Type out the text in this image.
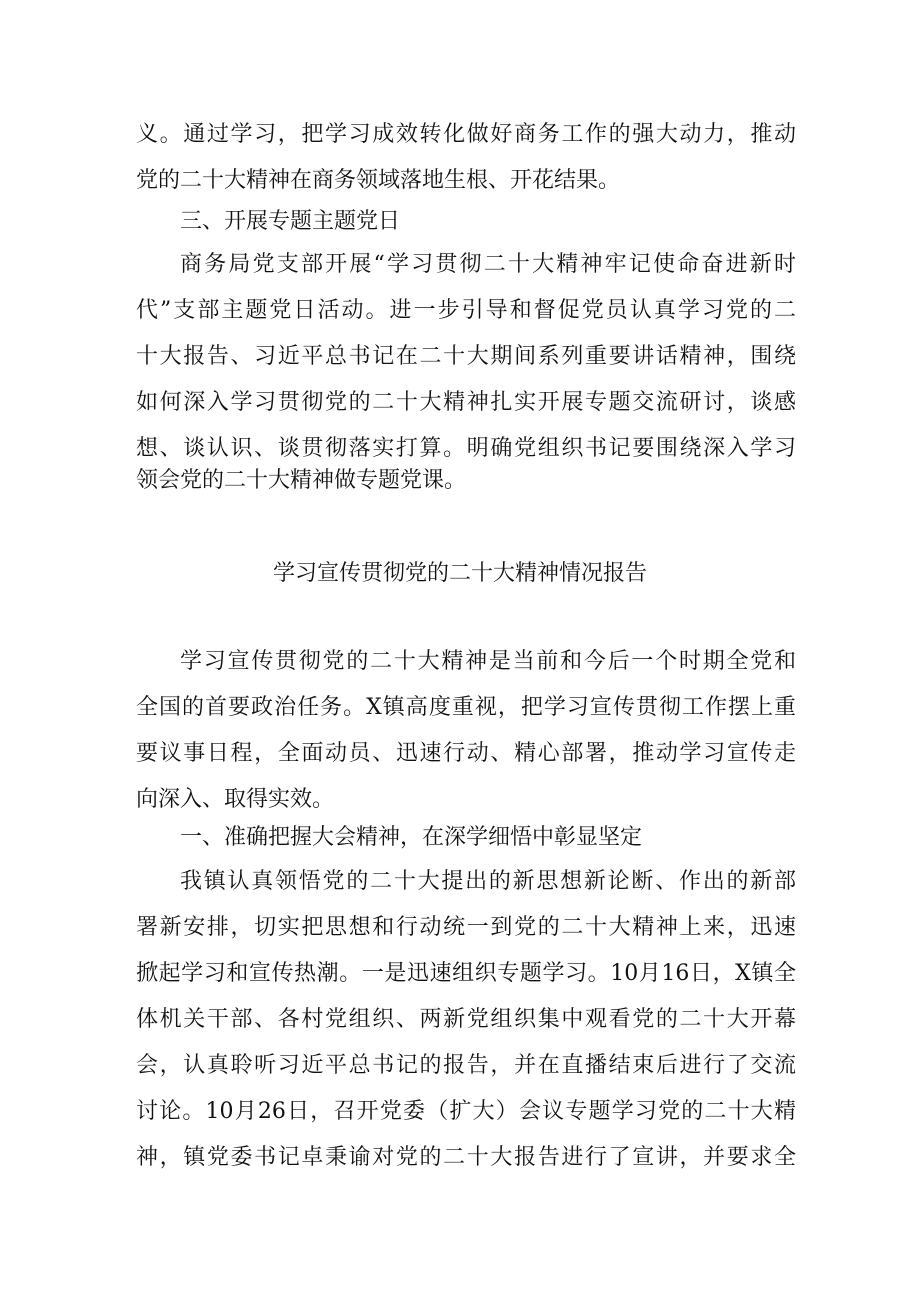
义。通过学习，把学习成效转化做好商务工作的强大动力，推动
党的二十大精神在商务领域落地生根、开花结果。
三、开展专题主题党日
商务局党支部开展“学习贯彻二十大精神牢记使命奋进新时
代”支部主题党日活动。进一步引导和督促党员认真学习党的二
十大报告、习近平总书记在二十大期间系列重要讲话精神，围绕
如何深入学习贯彻党的二十大精神扎实开展专题交流研讨，谈感
想、谈认识、谈贯彻落实打算。明确党组织书记要围绕深入学习
领会党的二十大精神做专题党课。
学习宣传贯彻党的二十大精神情况报告
学习宣传贯彻党的二十大精神是当前和今后一个时期全党和
全国的首要政治任务。X镇高度重视，把学习宣传贯彻工作摆上重
要议事日程，全面动员、迅速行动、精心部署，推动学习宣传走
向深入、取得实效。
一、准确把握大会精神，在深学细悟中彰显坚定
我镇认真领悟党的二十大提出的新思想新论断、作出的新部
署新安排，切实把思想和行动统一到党的二十大精神上来，迅速
掀起学习和宣传热潮。一是迅速组织专题学习。10月16日，X镇全
体机关干部、各村党组织、两新党组织集中观看党的二十大开幕
会，认真聆听习近平总书记的报告，并在直播结束后进行了交流
讨论。10月26日，召开党委（扩大）会议专题学习党的二十大精
神，镇党委书记卓秉谕对党的二十大报告进行了宣讲，并要求全
